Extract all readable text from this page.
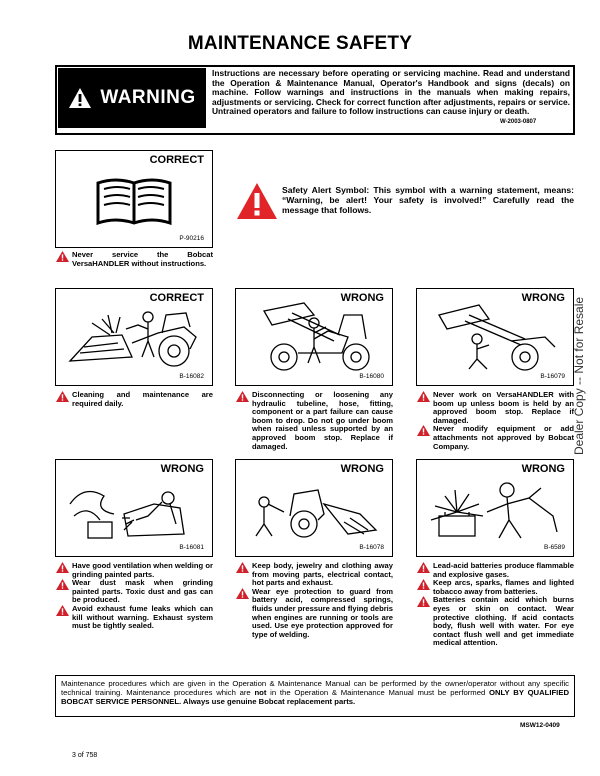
MAINTENANCE SAFETY
WARNING
Instructions are necessary before operating or servicing machine. Read and understand the Operation & Maintenance Manual, Operator's Handbook and signs (decals) on machine. Follow warnings and instructions in the manuals when making repairs, adjustments or servicing. Check for correct function after adjustments, repairs or service. Untrained operators and failure to follow instructions can cause injury or death.
W-2003-0807
CORRECT
P-90216
Never service the Bobcat VersaHANDLER without instructions.
Safety Alert Symbol: This symbol with a warning statement, means: “Warning, be alert! Your safety is involved!” Carefully read the message that follows.
CORRECT
B-16082
Cleaning and maintenance are required daily.
WRONG
B-16080
Disconnecting or loosening any hydraulic tubeline, hose, fitting, component or a part failure can cause boom to drop. Do not go under boom when raised unless supported by an approved boom stop. Replace if damaged.
WRONG
B-16079
Never work on VersaHANDLER with boom up unless boom is held by an approved boom stop. Replace if damaged.
Never modify equipment or add attachments not approved by Bobcat Company.
WRONG
B-16081
Have good ventilation when welding or grinding painted parts.
Wear dust mask when grinding painted parts. Toxic dust and gas can be produced.
Avoid exhaust fume leaks which can kill without warning. Exhaust system must be tightly sealed.
WRONG
B-16078
Keep body, jewelry and clothing away from moving parts, electrical contact, hot parts and exhaust.
Wear eye protection to guard from battery acid, compressed springs, fluids under pressure and flying debris when engines are running or tools are used. Use eye protection approved for type of welding.
WRONG
B-6589
Lead-acid batteries produce flammable and explosive gases.
Keep arcs, sparks, flames and lighted tobacco away from batteries.
Batteries contain acid which burns eyes or skin on contact. Wear protective clothing. If acid contacts body, flush well with water. For eye contact flush well and get immediate medical attention.
Dealer Copy -- Not for Resale
Maintenance procedures which are given in the Operation & Maintenance Manual can be performed by the owner/operator without any specific technical training. Maintenance procedures which are not in the Operation & Maintenance Manual must be performed ONLY BY QUALIFIED BOBCAT SERVICE PERSONNEL. Always use genuine Bobcat replacement parts.
MSW12-0409
3 of 758
